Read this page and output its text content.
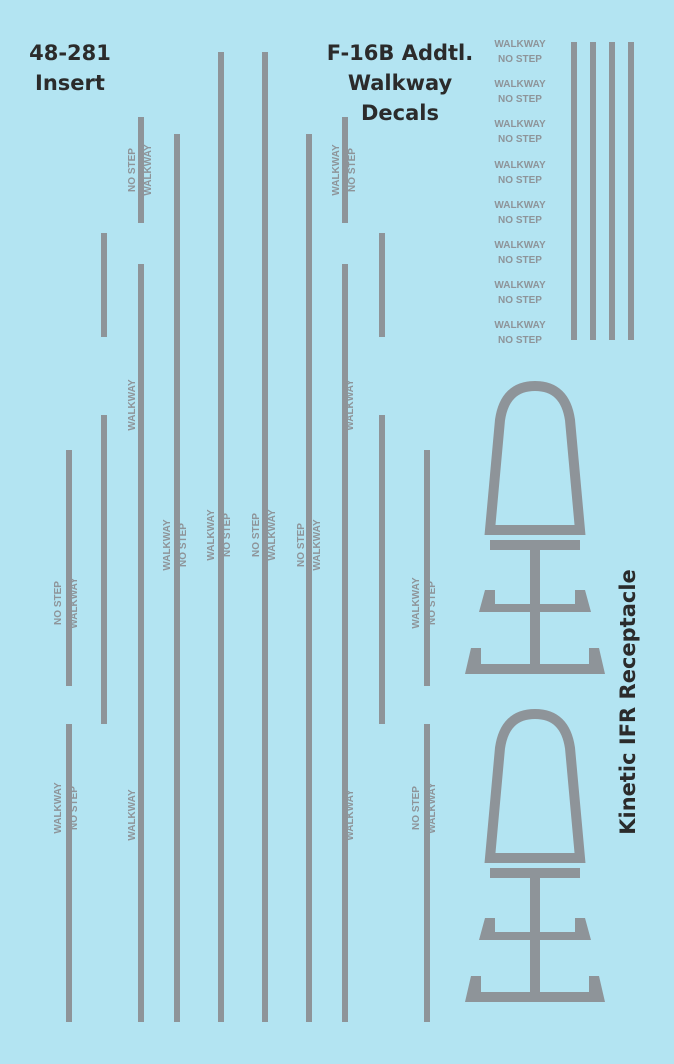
48-281
Insert
F-16B Addtl.
Walkway
Decals
Kinetic IFR Receptacle
NO STEP WALKWAY	WALKWAY NO STEP
WALKWAY	WALKWAY
WALKWAY NO STEP WALKWAY NO STEP NO STEP WALKWAY NO STEP WALKWAY
NO STEP WALKWAY	WALKWAY NO STEP
WALKWAY NO STEP	WALKWAY	WALKWAY	NO STEP WALKWAY
WALKWAY
NO STEP
WALKWAY
NO STEP
WALKWAY
NO STEP
WALKWAY
NO STEP
WALKWAY
NO STEP
WALKWAY
NO STEP
WALKWAY
NO STEP
WALKWAY
NO STEP
